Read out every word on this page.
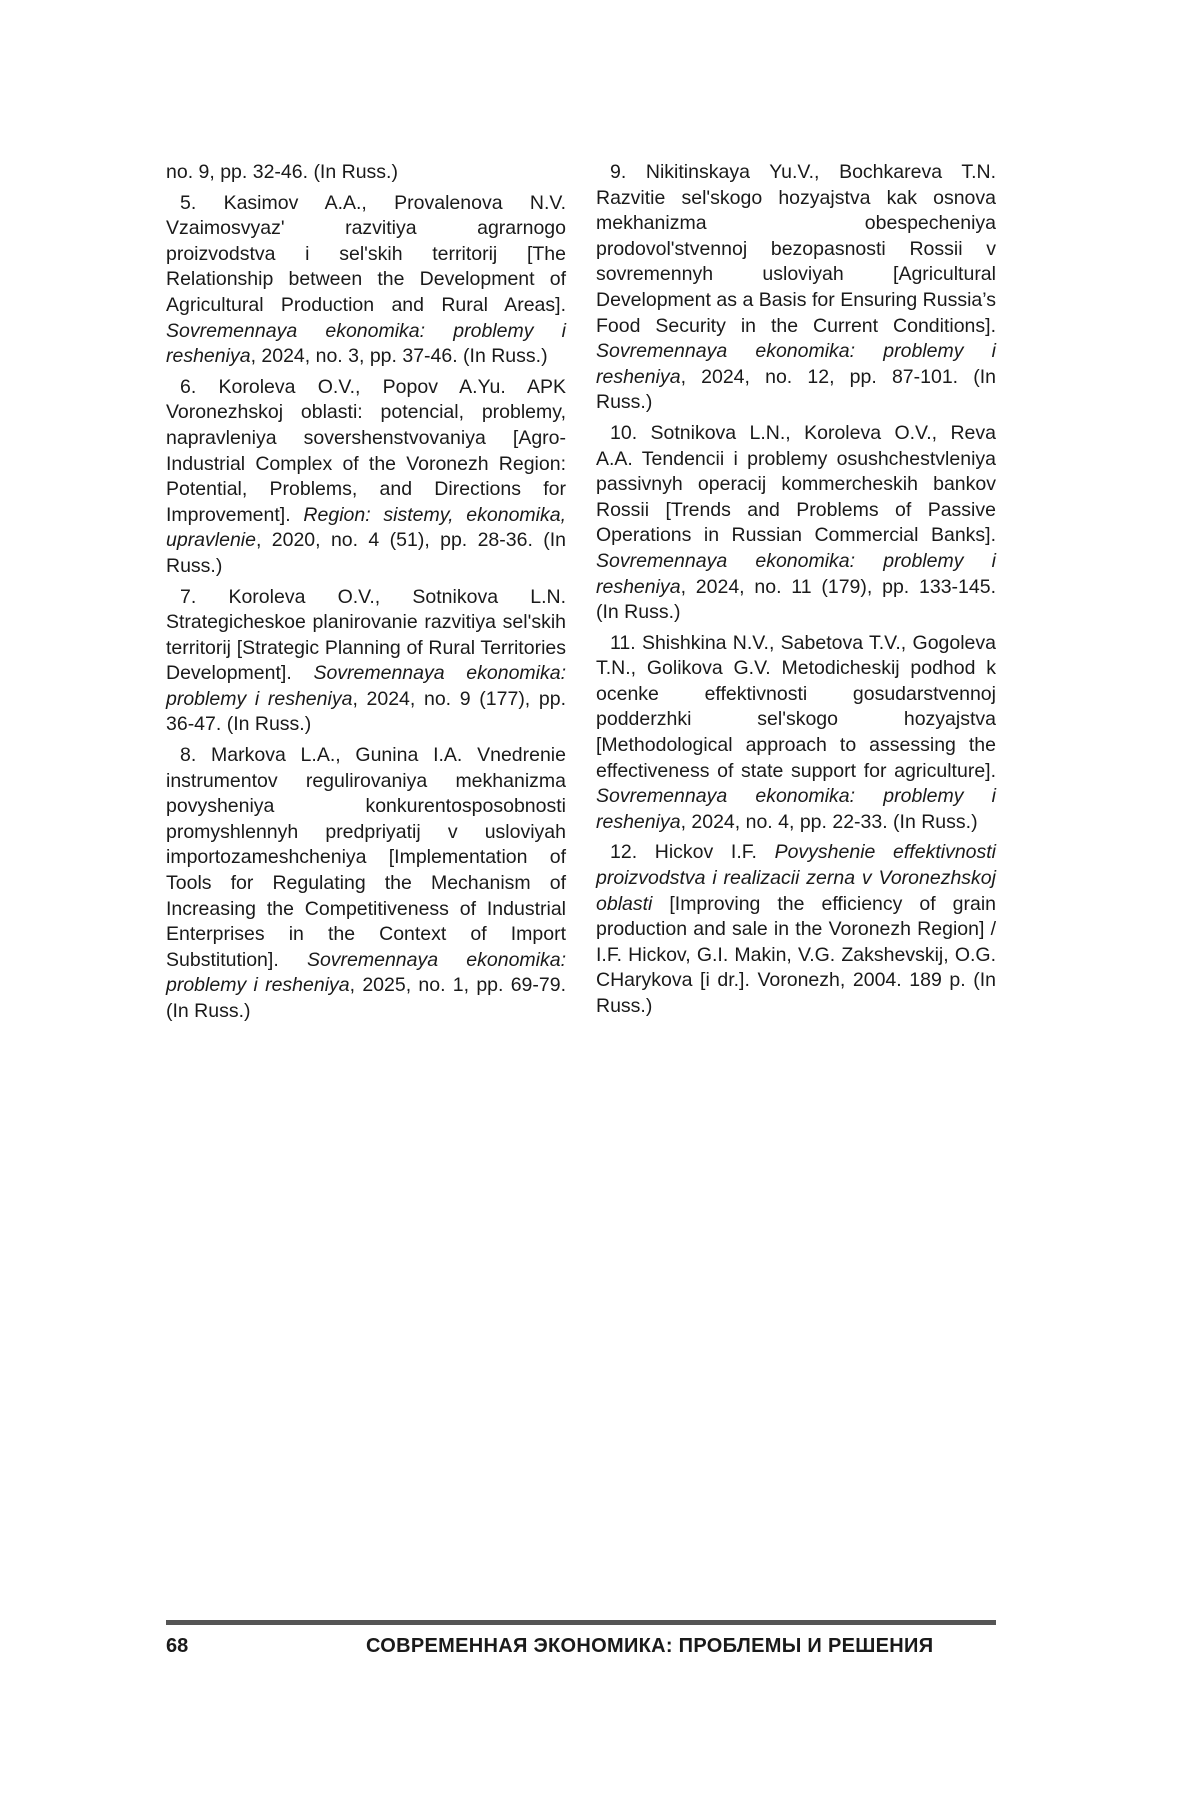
no. 9, pp. 32-46. (In Russ.)

5. Kasimov A.A., Provalenova N.V. Vzaimosvyaz' razvitiya agrarnogo proizvodstva i sel'skih territorij [The Relationship between the Development of Agricultural Production and Rural Areas]. Sovremennaya ekonomika: problemy i resheniya, 2024, no. 3, pp. 37-46. (In Russ.)

6. Koroleva O.V., Popov A.Yu. APK Voronezhskoj oblasti: potencial, problemy, napravleniya sovershenstvovaniya [Agro-Industrial Complex of the Voronezh Region: Potential, Problems, and Directions for Improvement]. Region: sistemy, ekonomika, upravlenie, 2020, no. 4 (51), pp. 28-36. (In Russ.)

7. Koroleva O.V., Sotnikova L.N. Strategicheskoe planirovanie razvitiya sel'skih territorij [Strategic Planning of Rural Territories Development]. Sovremennaya ekonomika: problemy i resheniya, 2024, no. 9 (177), pp. 36-47. (In Russ.)

8. Markova L.A., Gunina I.A. Vnedrenie instrumentov regulirovaniya mekhanizma povysheniya konkurentosposobnosti promyshlennyh predpriyatij v usloviyah importozameshcheniya [Implementation of Tools for Regulating the Mechanism of Increasing the Competitiveness of Industrial Enterprises in the Context of Import Substitution]. Sovremennaya ekonomika: problemy i resheniya, 2025, no. 1, pp. 69-79. (In Russ.)

9. Nikitinskaya Yu.V., Bochkareva T.N. Razvitie sel'skogo hozyajstva kak osnova mekhanizma obespecheniya prodovol'stvennoj bezopasnosti Rossii v sovremennyh usloviyah [Agricultural Development as a Basis for Ensuring Russia’s Food Security in the Current Conditions]. Sovremennaya ekonomika: problemy i resheniya, 2024, no. 12, pp. 87-101. (In Russ.)

10. Sotnikova L.N., Koroleva O.V., Reva A.A. Tendencii i problemy osushchestvleniya passivnyh operacij kommercheskih bankov Rossii [Trends and Problems of Passive Operations in Russian Commercial Banks]. Sovremennaya ekonomika: problemy i resheniya, 2024, no. 11 (179), pp. 133-145. (In Russ.)

11. Shishkina N.V., Sabetova T.V., Gogoleva T.N., Golikova G.V. Metodicheskij podhod k ocenke effektivnosti gosudarstvennoj podderzhki sel'skogo hozyajstva [Methodological approach to assessing the effectiveness of state support for agriculture]. Sovremennaya ekonomika: problemy i resheniya, 2024, no. 4, pp. 22-33. (In Russ.)

12. Hickov I.F. Povyshenie effektivnosti proizvodstva i realizacii zerna v Voronezhskoj oblasti [Improving the efficiency of grain production and sale in the Voronezh Region] / I.F. Hickov, G.I. Makin, V.G. Zakshevskij, O.G. CHarykova [i dr.]. Voronezh, 2004. 189 p. (In Russ.)

68	СОВРЕМЕННАЯ ЭКОНОМИКА: ПРОБЛЕМЫ И РЕШЕНИЯ
